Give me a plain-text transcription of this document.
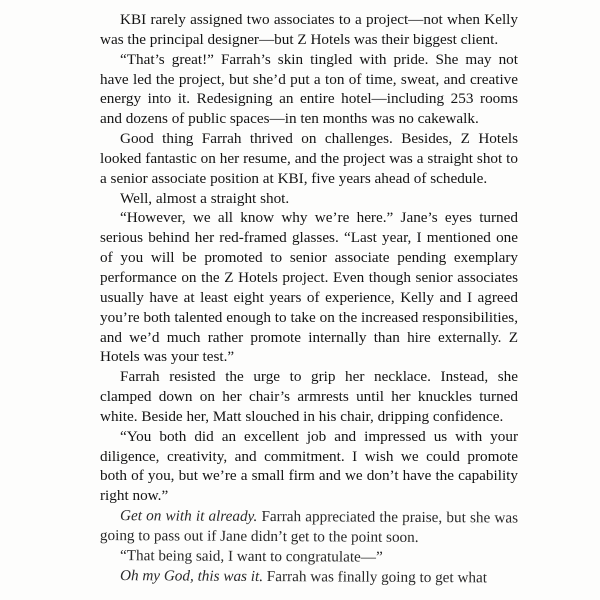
KBI rarely assigned two associates to a project—not when Kelly was the principal designer—but Z Hotels was their biggest client.

“That’s great!” Farrah’s skin tingled with pride. She may not have led the project, but she’d put a ton of time, sweat, and creative energy into it. Redesigning an entire hotel—including 253 rooms and dozens of public spaces—in ten months was no cakewalk.

Good thing Farrah thrived on challenges. Besides, Z Hotels looked fantastic on her resume, and the project was a straight shot to a senior associate position at KBI, five years ahead of schedule.

Well, almost a straight shot.

“However, we all know why we’re here.” Jane’s eyes turned serious behind her red-framed glasses. “Last year, I mentioned one of you will be promoted to senior associate pending exemplary performance on the Z Hotels project. Even though senior associates usually have at least eight years of experience, Kelly and I agreed you’re both talented enough to take on the increased responsibilities, and we’d much rather promote internally than hire externally. Z Hotels was your test.”

Farrah resisted the urge to grip her necklace. Instead, she clamped down on her chair’s armrests until her knuckles turned white. Beside her, Matt slouched in his chair, dripping confidence.

“You both did an excellent job and impressed us with your diligence, creativity, and commitment. I wish we could promote both of you, but we’re a small firm and we don’t have the capability right now.”

Get on with it already. Farrah appreciated the praise, but she was going to pass out if Jane didn’t get to the point soon.

“That being said, I want to congratulate—”

Oh my God, this was it. Farrah was finally going to get what
